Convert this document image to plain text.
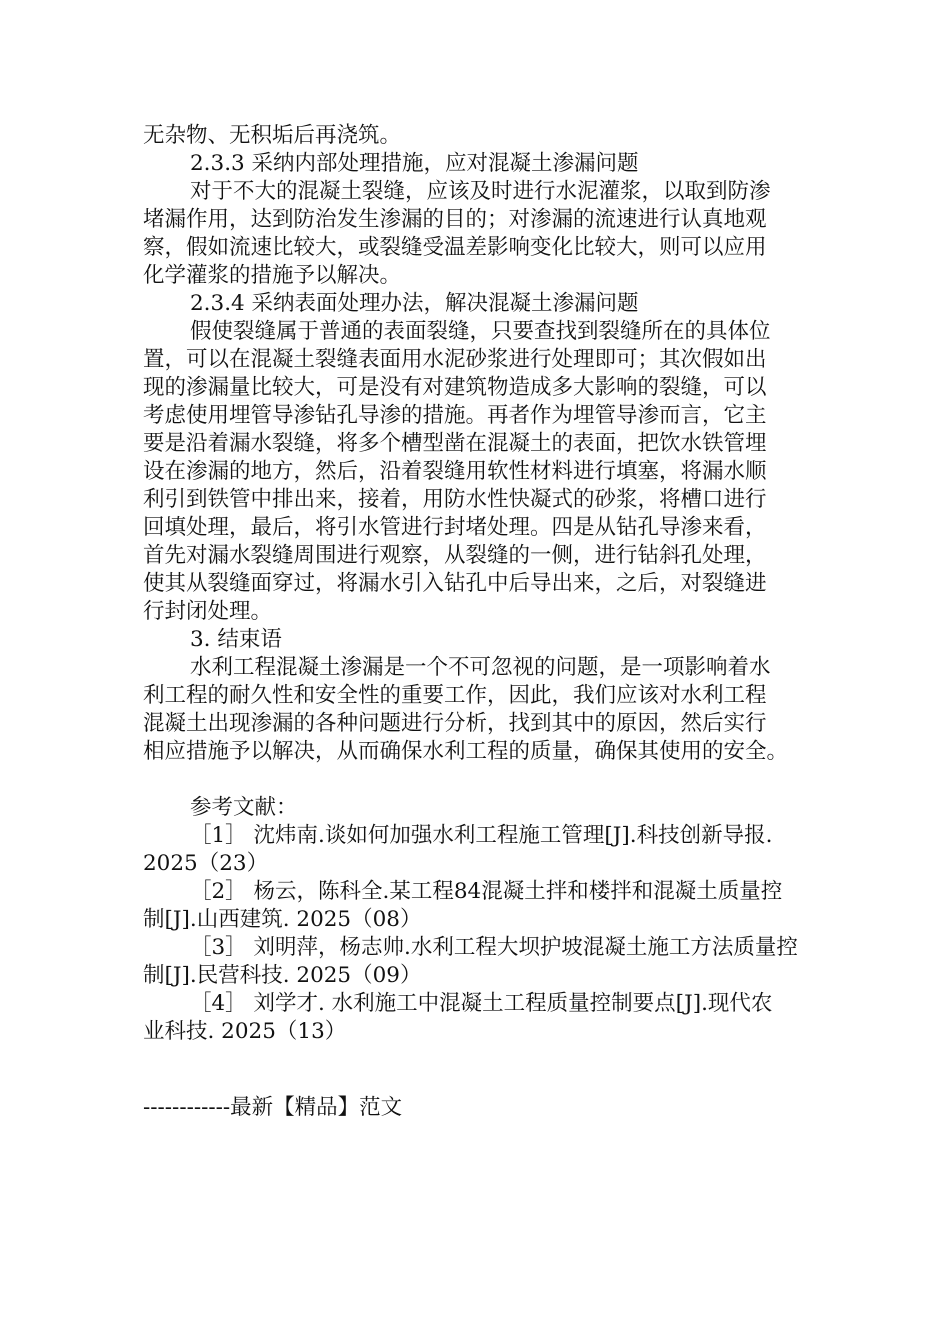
无杂物、无积垢后再浇筑。
2.3.3 采纳内部处理措施，应对混凝土渗漏问题
对于不大的混凝土裂缝，应该及时进行水泥灌浆，以取到防渗
堵漏作用，达到防治发生渗漏的目的；对渗漏的流速进行认真地观
察，假如流速比较大，或裂缝受温差影响变化比较大，则可以应用
化学灌浆的措施予以解决。
2.3.4 采纳表面处理办法，解决混凝土渗漏问题
假使裂缝属于普通的表面裂缝，只要查找到裂缝所在的具体位
置，可以在混凝土裂缝表面用水泥砂浆进行处理即可；其次假如出
现的渗漏量比较大，可是没有对建筑物造成多大影响的裂缝，可以
考虑使用埋管导渗钻孔导渗的措施。再者作为埋管导渗而言，它主
要是沿着漏水裂缝，将多个槽型凿在混凝土的表面，把饮水铁管埋
设在渗漏的地方，然后，沿着裂缝用软性材料进行填塞，将漏水顺
利引到铁管中排出来，接着，用防水性快凝式的砂浆，将槽口进行
回填处理，最后，将引水管进行封堵处理。四是从钻孔导渗来看，
首先对漏水裂缝周围进行观察，从裂缝的一侧，进行钻斜孔处理，
使其从裂缝面穿过，将漏水引入钻孔中后导出来，之后，对裂缝进
行封闭处理。
3. 结束语
水利工程混凝土渗漏是一个不可忽视的问题，是一项影响着水
利工程的耐久性和安全性的重要工作，因此，我们应该对水利工程
混凝土出现渗漏的各种问题进行分析，找到其中的原因，然后实行
相应措施予以解决，从而确保水利工程的质量，确保其使用的安全。
参考文献：
［1］ 沈炜南.谈如何加强水利工程施工管理[J].科技创新导报.
2025（23）
［2］ 杨云，陈科全.某工程84混凝土拌和楼拌和混凝土质量控
制[J].山西建筑. 2025（08）
［3］ 刘明萍，杨志帅.水利工程大坝护坡混凝土施工方法质量控
制[J].民营科技. 2025（09）
［4］ 刘学才. 水利施工中混凝土工程质量控制要点[J].现代农
业科技. 2025（13）
------------最新【精品】范文
